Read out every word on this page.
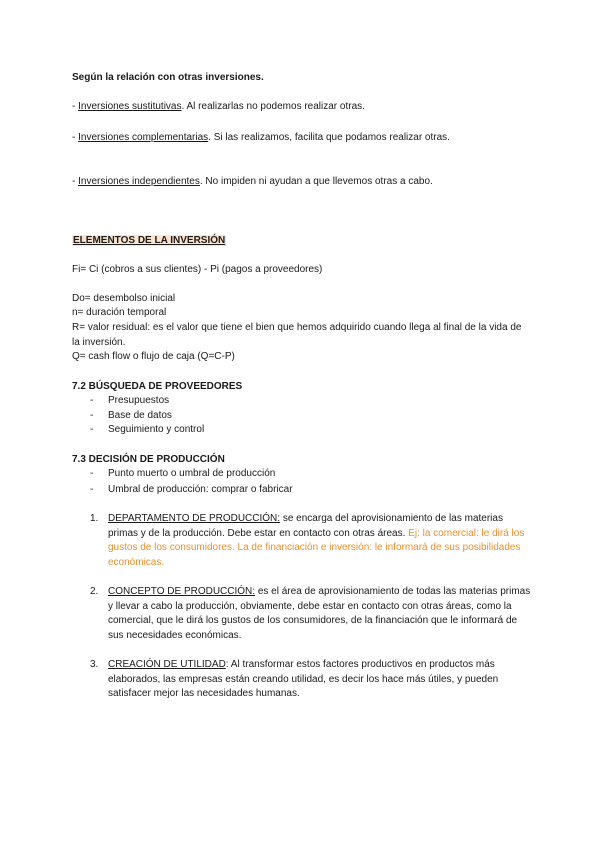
Según la relación con otras inversiones.
- Inversiones sustitutivas. Al realizarlas no podemos realizar otras.
- Inversiones complementarias. Si las realizamos, facilita que podamos realizar otras.
- Inversiones independientes. No impiden ni ayudan a que llevemos otras a cabo.
ELEMENTOS DE LA INVERSIÓN
Fi= Ci (cobros a sus clientes) - Pi (pagos a proveedores)
Do= desembolso inicial
n= duración temporal
R= valor residual: es el valor que tiene el bien que hemos adquirido cuando llega al final de la vida de la inversión.
Q= cash flow o flujo de caja (Q=C-P)
7.2 BÚSQUEDA DE PROVEEDORES
- Presupuestos
- Base de datos
- Seguimiento y control
7.3 DECISIÓN DE PRODUCCIÓN
- Punto muerto o umbral de producción
- Umbral de producción: comprar o fabricar
1. DEPARTAMENTO DE PRODUCCIÓN: se encarga del aprovisionamiento de las materias primas y de la producción. Debe estar en contacto con otras áreas. Ej: la comercial: le dirá los gustos de los consumidores. La de financiación e inversión: le informará de sus posibilidades económicas.
2. CONCEPTO DE PRODUCCIÓN: es el área de aprovisionamiento de todas las materias primas y llevar a cabo la producción, obviamente, debe estar en contacto con otras áreas, como la comercial, que le dirá los gustos de los consumidores, de la financiación que le informará de sus necesidades económicas.
3. CREACIÓN DE UTILIDAD: Al transformar estos factores productivos en productos más elaborados, las empresas están creando utilidad, es decir los hace más útiles, y pueden satisfacer mejor las necesidades humanas.
